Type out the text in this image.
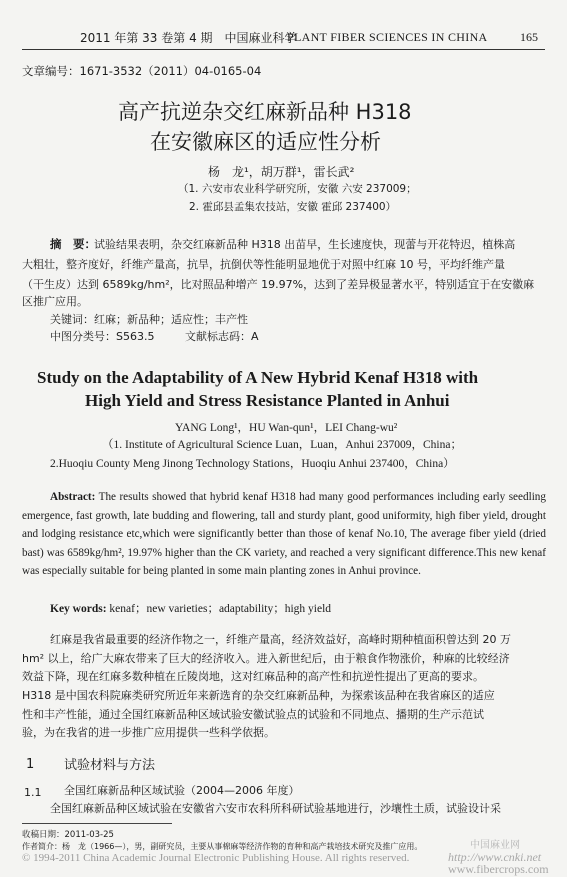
2011 年第 33 卷第 4 期　中国麻业科学
PLANT FIBER SCIENCES IN CHINA	165
文章编号：1671-3532（2011）04-0165-04
高产抗逆杂交红麻新品种 H318
在安徽麻区的适应性分析
杨　龙¹，胡万群¹，雷长武²
（1. 六安市农业科学研究所，安徽 六安 237009；
2. 霍邱县孟集农技站，安徽 霍邱 237400）
摘　要：
试验结果表明，杂交红麻新品种 H318 出苗早，生长速度快，现蕾与开花特迟，植株高
大粗壮，整齐度好，纤维产量高，抗旱，抗倒伏等性能明显地优于对照中红麻 10 号，平均纤维产量
（干生皮）达到 6589kg/hm²，比对照品种增产 19.97%，达到了差异极显著水平，特别适宜于在安徽麻
区推广应用。
关键词：红麻；新品种；适应性；丰产性
中图分类号：S563.5	文献标志码：A
Study on the Adaptability of A New Hybrid Kenaf H318 with
High Yield and Stress Resistance Planted in Anhui
YANG Long¹，HU Wan-qun¹，LEI Chang-wu²
（1. Institute of Agricultural Science Luan，Luan，Anhui 237009，China；
2.Huoqiu County Meng Jinong Technology Stations，Huoqiu Anhui 237400，China）
Abstract: The results showed that hybrid kenaf H318 had many good performances including early seedling emergence, fast growth, late budding and flowering, tall and sturdy plant, good uniformity, high fiber yield, drought and lodging resistance etc,which were significantly better than those of kenaf No.10, The average fiber yield (dried bast) was 6589kg/hm², 19.97% higher than the CK variety, and reached a very significant difference.This new kenaf was especially suitable for being planted in some main planting zones in Anhui province.
Key words: kenaf；new varieties；adaptability；high yield
红麻是我省最重要的经济作物之一，纤维产量高，经济效益好，高峰时期种植面积曾达到 20 万
hm² 以上，给广大麻农带来了巨大的经济收入。进入新世纪后，由于粮食作物涨价，种麻的比较经济
效益下降，现在红麻多数种植在丘陵岗地，这对红麻品种的高产性和抗逆性提出了更高的要求。
H318 是中国农科院麻类研究所近年来新选育的杂交红麻新品种，为探索该品种在我省麻区的适应
性和丰产性能，通过全国红麻新品种区域试验安徽试验点的试验和不同地点、播期的生产示范试
验，为在我省的进一步推广应用提供一些科学依据。
1 试验材料与方法
1.1 全国红麻新品种区域试验（2004—2006 年度）
全国红麻新品种区域试验在安徽省六安市农科所科研试验基地进行，沙壤性土质，试验设计采
收稿日期：2011-03-25
作者简介：杨　龙（1966—），男，副研究员，主要从事棉麻等经济作物的育种和高产栽培技术研究及推广应用。
© 1994-2011 China Academic Journal Electronic Publishing House. All rights reserved.
中国麻业网
http://www.cnki.net
www.fibercrops.com
